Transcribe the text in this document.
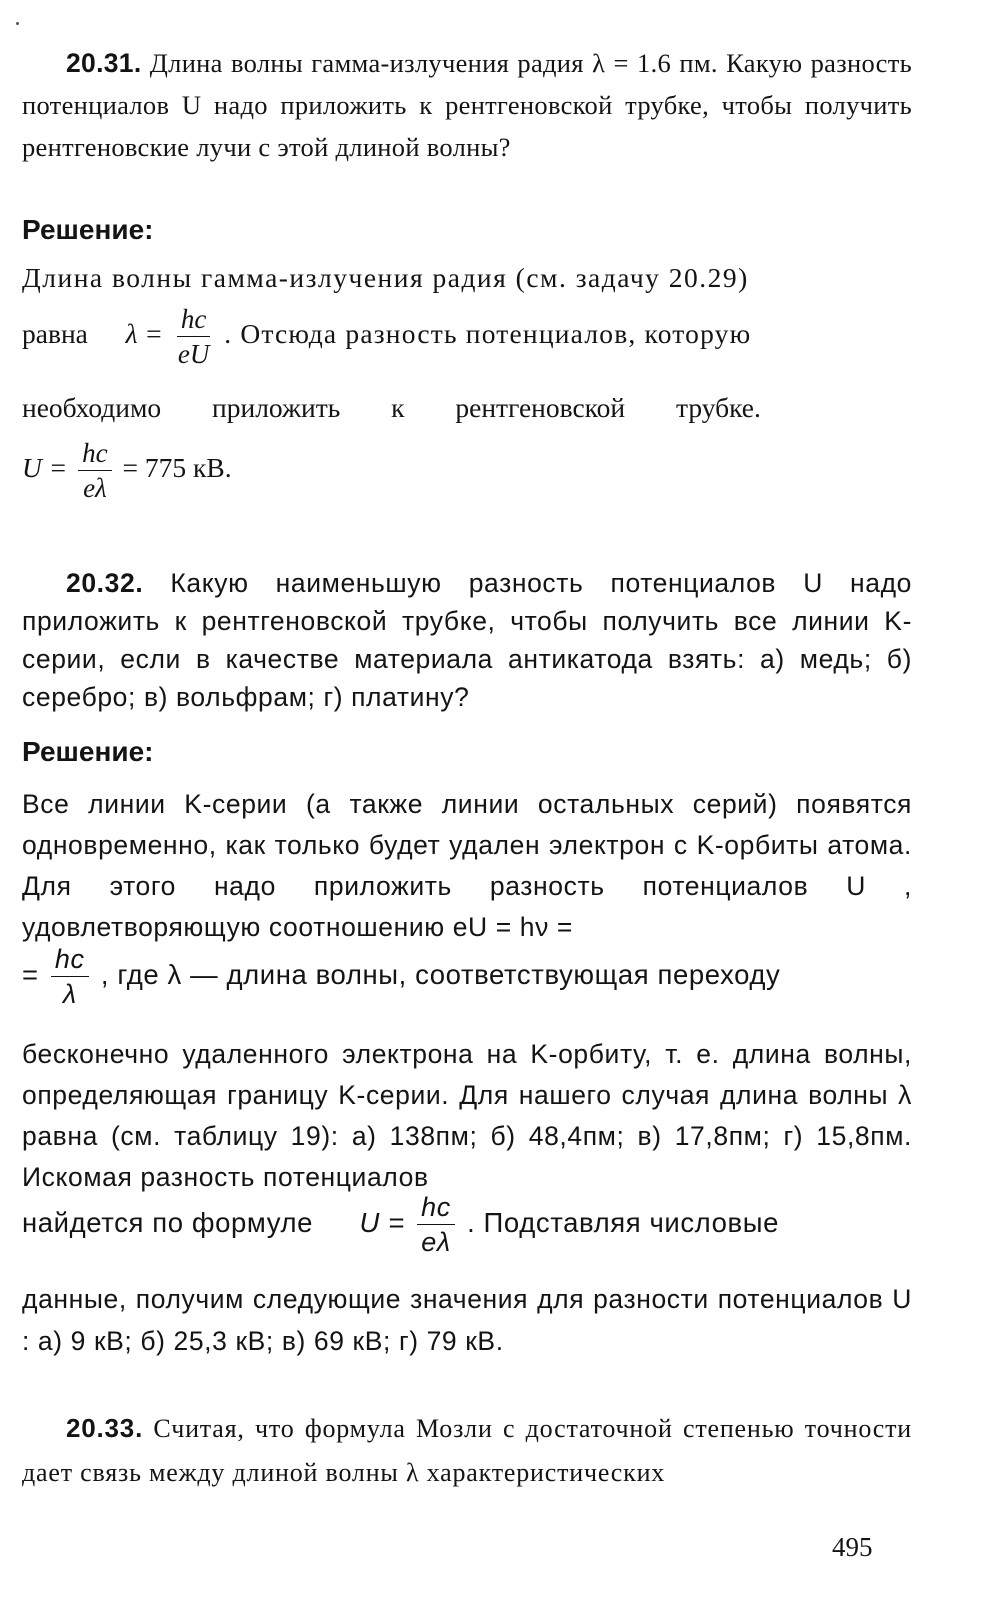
20.31. Длина волны гамма-излучения радия λ = 1.6 пм. Какую разность потенциалов U надо приложить к рентгеновской трубке, чтобы получить рентгеновские лучи с этой длиной волны?
Решение:
Длина волны гамма-излучения радия (см. задачу 20.29)
равна $\lambda = \frac{hc}{eU}$ . Отсюда разность потенциалов, которую
необходимо приложить к рентгеновской трубке.
$U = \frac{hc}{e\lambda} = 775$ кВ.
20.32. Какую наименьшую разность потенциалов U надо приложить к рентгеновской трубке, чтобы получить все линии K-серии, если в качестве материала антикатода взять: а) медь; б) серебро; в) вольфрам; г) платину?
Решение:
Все линии K-серии (а также линии остальных серий) появятся одновременно, как только будет удален электрон с K-орбиты атома. Для этого надо приложить разность потенциалов U , удовлетворяющую соотношению eU = hν =
= $\frac{hc}{\lambda}$ , где λ — длина волны, соответствующая переходу
бесконечно удаленного электрона на K-орбиту, т. е. длина волны, определяющая границу K-серии. Для нашего случая длина волны λ равна (см. таблицу 19): а) 138пм; б) 48,4пм; в) 17,8пм; г) 15,8пм. Искомая разность потенциалов
найдется по формуле $U = \frac{hc}{e\lambda}$ . Подставляя числовые
данные, получим следующие значения для разности потенциалов U : а) 9 кВ; б) 25,3 кВ; в) 69 кВ; г) 79 кВ.
20.33. Считая, что формула Мозли с достаточной степенью точности дает связь между длиной волны λ характеристических
495
